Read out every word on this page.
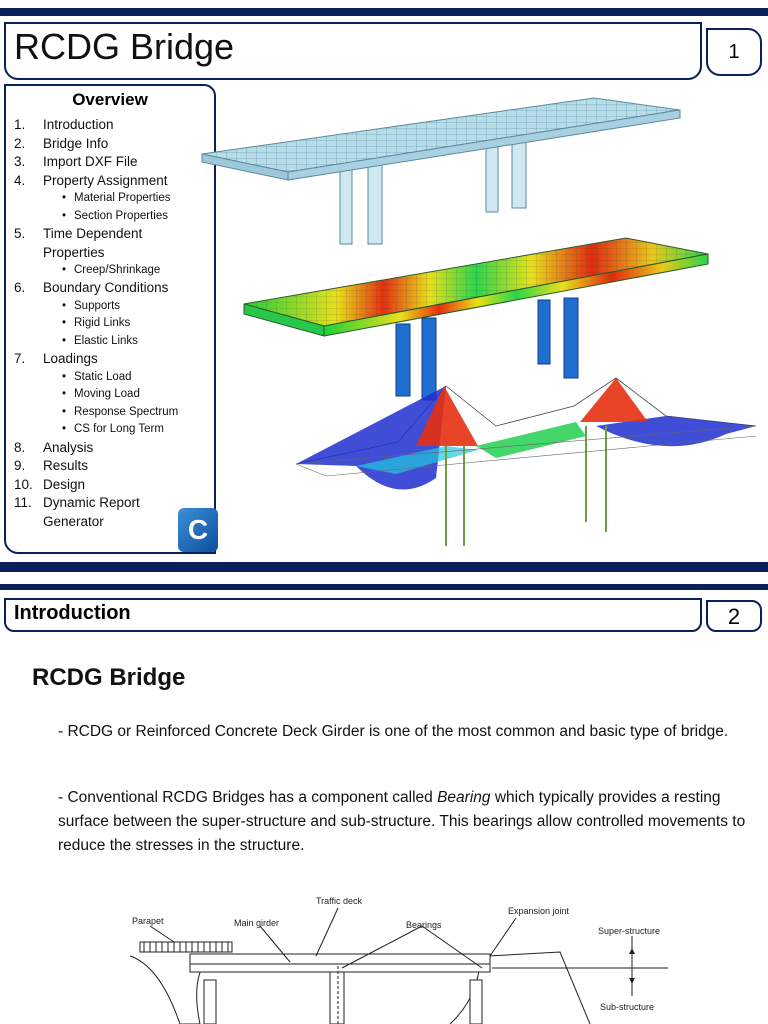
RCDG Bridge	1
Overview
1.	Introduction
2.	Bridge Info
3.	Import DXF File
4.	Property Assignment
• Material Properties
• Section Properties
5.	Time Dependent
Properties
• Creep/Shrinkage
6.	Boundary Conditions
• Supports
• Rigid Links
• Elastic Links
7.	Loadings
• Static Load
• Moving Load
• Response Spectrum
• CS for Long Term
8.	Analysis
9.	Results
10. Design
11. Dynamic Report
Generator	C
Introduction	2
RCDG Bridge
- RCDG or Reinforced Concrete Deck Girder is one of the most common and basic type of bridge.
- Conventional RCDG Bridges has a component called Bearing which typically provides a resting surface between the super-structure and sub-structure. This bearings allow controlled movements to reduce the stresses in the structure.
Traffic deck
Parapet	Main girder	Bearings
Expansion joint
Super-structure
Sub-structure
